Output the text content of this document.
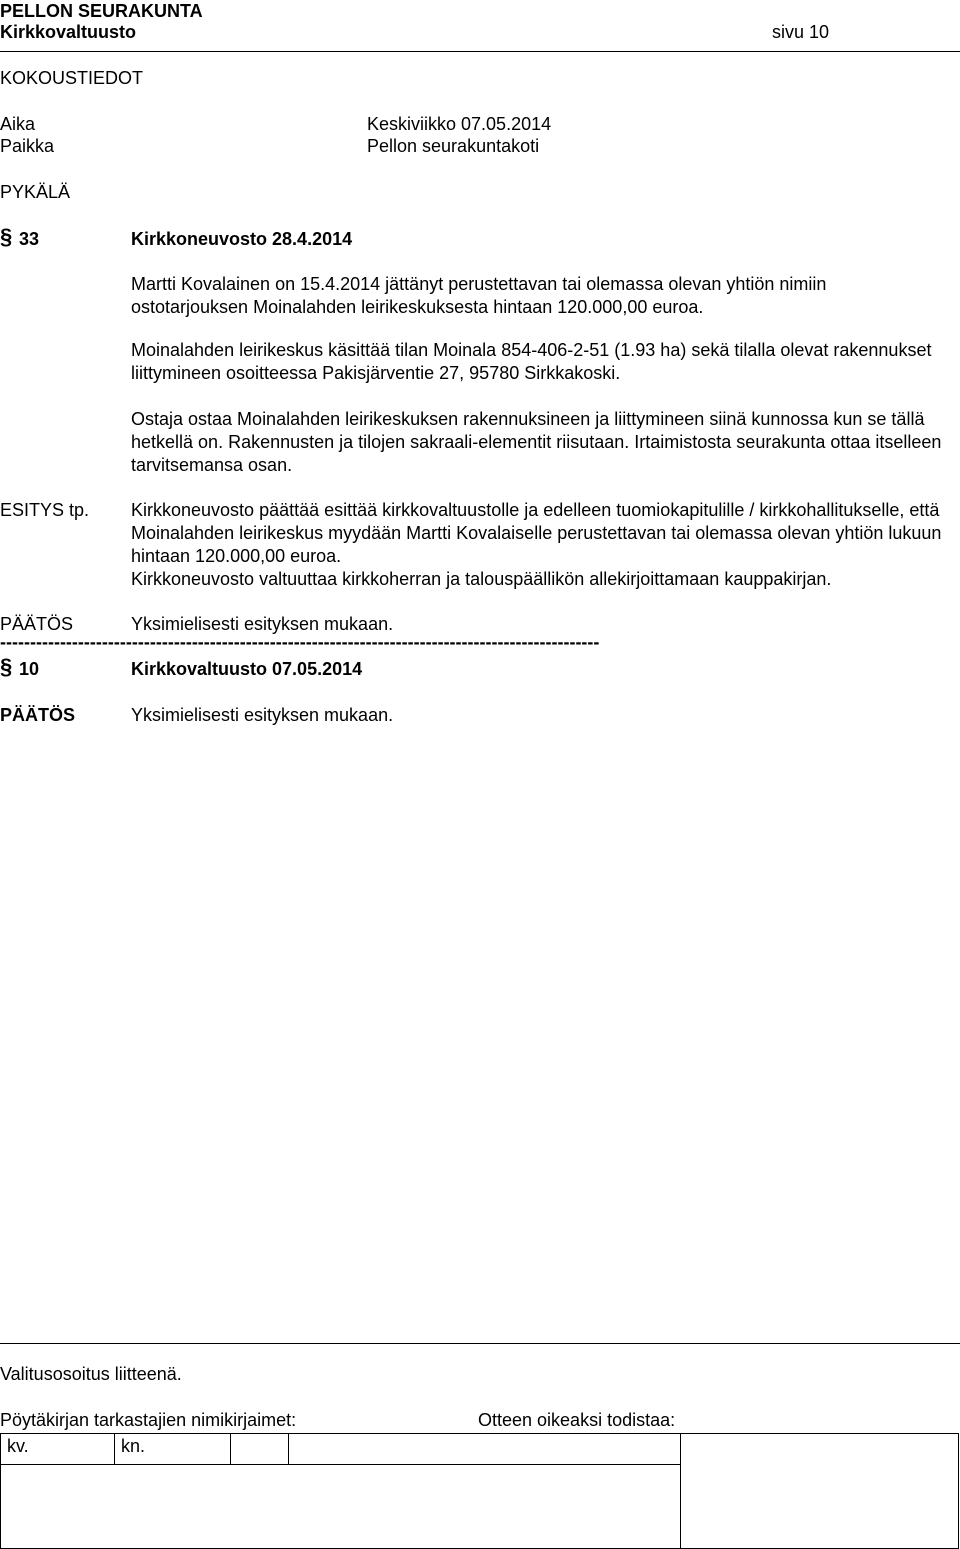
PELLON SEURAKUNTA
Kirkkovaltuusto	sivu 10
KOKOUSTIEDOT
Aika	Keskiviikko 07.05.2014
Paikka	Pellon seurakuntakoti
PYKÄLÄ
§ 33	Kirkkoneuvosto 28.4.2014
Martti Kovalainen on 15.4.2014 jättänyt perustettavan tai olemassa olevan yhtiön nimiin ostotarjouksen Moinalahden leirikeskuksesta hintaan 120.000,00 euroa.
Moinalahden leirikeskus käsittää tilan Moinala 854-406-2-51 (1.93 ha) sekä tilalla olevat rakennukset liittymineen osoitteessa Pakisjärventie 27, 95780 Sirkkakoski.
Ostaja ostaa Moinalahden leirikeskuksen rakennuksineen ja liittymineen siinä kunnossa kun se tällä hetkellä on. Rakennusten ja tilojen sakraali-elementit riisutaan. Irtaimistosta seurakunta ottaa itselleen tarvitsemansa osan.
ESITYS tp. Kirkkoneuvosto päättää esittää kirkkovaltuustolle ja edelleen tuomiokapitulille / kirkkohallitukselle, että Moinalahden leirikeskus myydään Martti Kovalaiselle perustettavan tai olemassa olevan yhtiön lukuun hintaan 120.000,00 euroa.
Kirkkoneuvosto valtuuttaa kirkkoherran ja talouspäällikön allekirjoittamaan kauppakirjan.
PÄÄTÖS	Yksimielisesti esityksen mukaan.
----------------------------------------------------------------------------------------------------
§ 10	Kirkkovaltuusto 07.05.2014
PÄÄTÖS	Yksimielisesti esityksen mukaan.
Valitusosoitus liitteenä.
Pöytäkirjan tarkastajien nimikirjaimet:	Otteen oikeaksi todistaa:
kv.	kn.
